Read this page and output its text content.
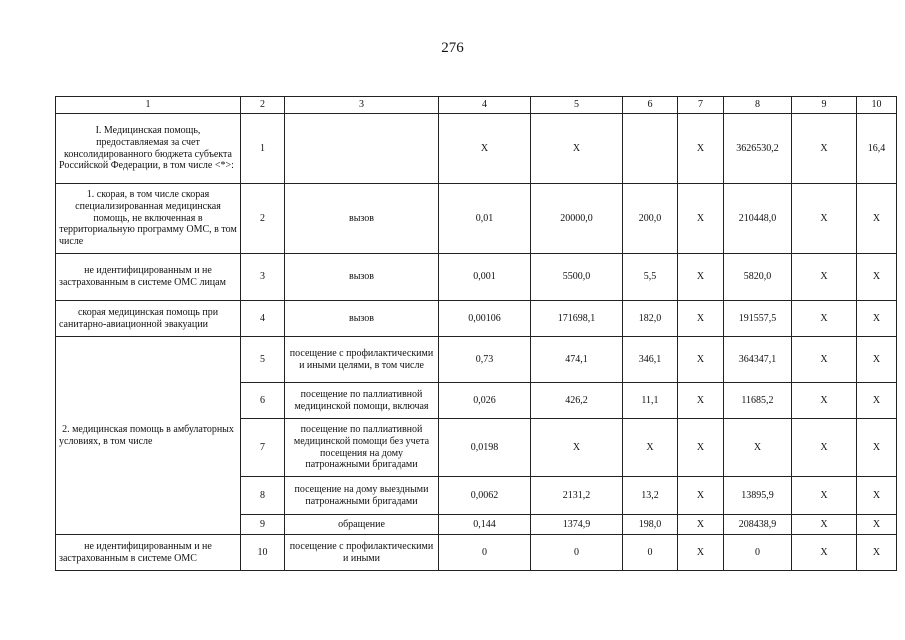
276
1	2	3	4	5	6	7	8	9	10
I. Медицинская помощь, предоставляемая за счет консолидированного бюджета субъекта Российской Федерации, в том числе <*>:	1		X	X		X	3626530,2	X	16,4
1. скорая, в том числе скорая специализированная медицинская помощь, не включенная в территориальную программу ОМС, в том числе	2	вызов	0,01	20000,0	200,0	X	210448,0	X	X
не идентифицированным и не застрахованным в системе ОМС лицам	3	вызов	0,001	5500,0	5,5	X	5820,0	X	X
скорая медицинская помощь при санитарно-авиационной эвакуации	4	вызов	0,00106	171698,1	182,0	X	191557,5	X	X
2. медицинская помощь в амбулаторных условиях, в том числе	5	посещение с профилактическими и иными целями, в том числе	0,73	474,1	346,1	X	364347,1	X	X
	6	посещение по паллиативной медицинской помощи, включая	0,026	426,2	11,1	X	11685,2	X	X
	7	посещение по паллиативной медицинской помощи без учета посещения на дому патронажными бригадами	0,0198	X	X	X	X	X	X
	8	посещение на дому выездными патронажными бригадами	0,0062	2131,2	13,2	X	13895,9	X	X
	9	обращение	0,144	1374,9	198,0	X	208438,9	X	X
не идентифицированным и не застрахованным в системе ОМС	10	посещение с профилактическими и иными	0	0	0	X	0	X	X
